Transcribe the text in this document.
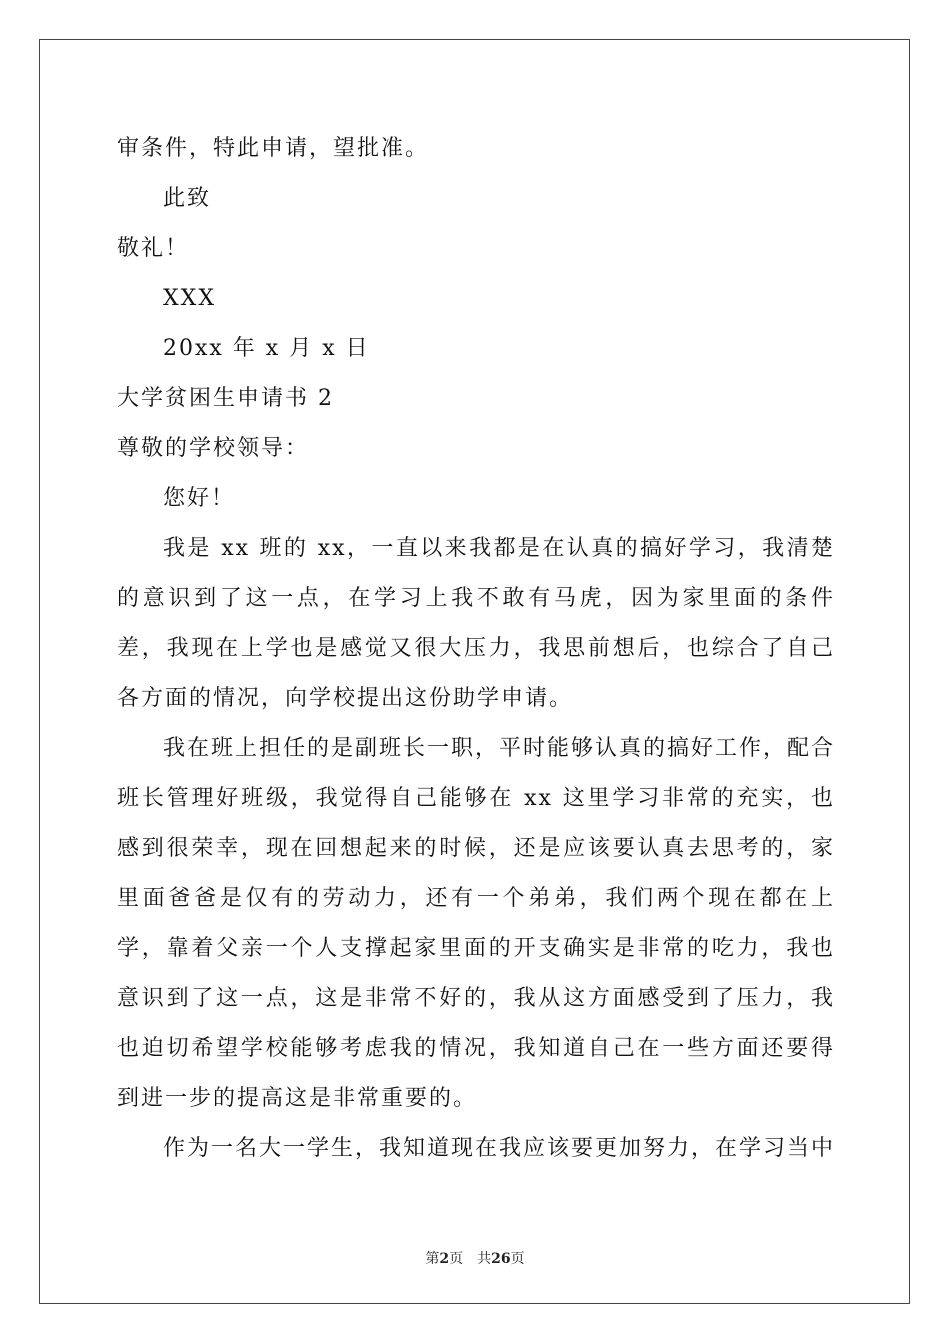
审条件，特此申请，望批准。
此致
敬礼！
XXX
20xx 年 x 月 x 日
大学贫困生申请书 2
尊敬的学校领导：
您好！

我是 xx 班的 xx，一直以来我都是在认真的搞好学习，我清楚的意识到了这一点，在学习上我不敢有马虎，因为家里面的条件差，我现在上学也是感觉又很大压力，我思前想后，也综合了自己各方面的情况，向学校提出这份助学申请。

我在班上担任的是副班长一职，平时能够认真的搞好工作，配合班长管理好班级，我觉得自己能够在 xx 这里学习非常的充实，也感到很荣幸，现在回想起来的时候，还是应该要认真去思考的，家里面爸爸是仅有的劳动力，还有一个弟弟，我们两个现在都在上学，靠着父亲一个人支撑起家里面的开支确实是非常的吃力，我也意识到了这一点，这是非常不好的，我从这方面感受到了压力，我也迫切希望学校能够考虑我的情况，我知道自己在一些方面还要得到进一步的提高这是非常重要的。

作为一名大一学生，我知道现在我应该要更加努力，在学习当中

第2页　共26页
